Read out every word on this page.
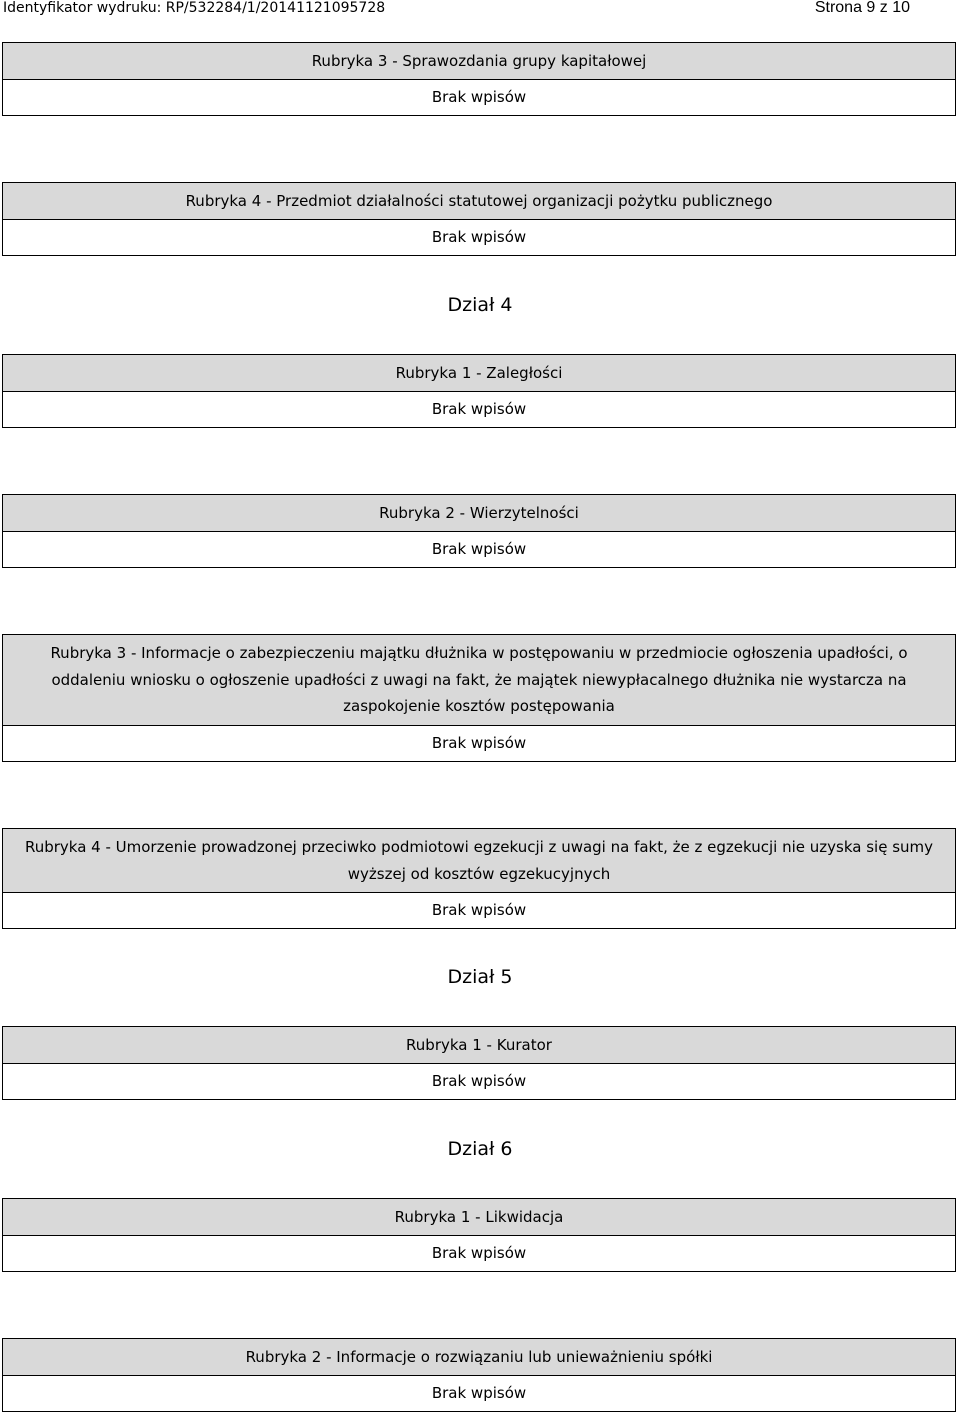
Identyfikator wydruku: RP/532284/1/20141121095728	Strona 9 z 10
Rubryka 3 - Sprawozdania grupy kapitałowej
Brak wpisów
Rubryka 4 - Przedmiot działalności statutowej organizacji pożytku publicznego
Brak wpisów
Dział 4
Rubryka 1 - Zaległości
Brak wpisów
Rubryka 2 - Wierzytelności
Brak wpisów
Rubryka 3 - Informacje o zabezpieczeniu majątku dłużnika w postępowaniu w przedmiocie ogłoszenia upadłości, o oddaleniu wniosku o ogłoszenie upadłości z uwagi na fakt, że majątek niewypłacalnego dłużnika nie wystarcza na zaspokojenie kosztów postępowania
Brak wpisów
Rubryka 4 - Umorzenie prowadzonej przeciwko podmiotowi egzekucji z uwagi na fakt, że z egzekucji nie uzyska się sumy wyższej od kosztów egzekucyjnych
Brak wpisów
Dział 5
Rubryka 1 - Kurator
Brak wpisów
Dział 6
Rubryka 1 - Likwidacja
Brak wpisów
Rubryka 2 - Informacje o rozwiązaniu lub unieważnieniu spółki
Brak wpisów
